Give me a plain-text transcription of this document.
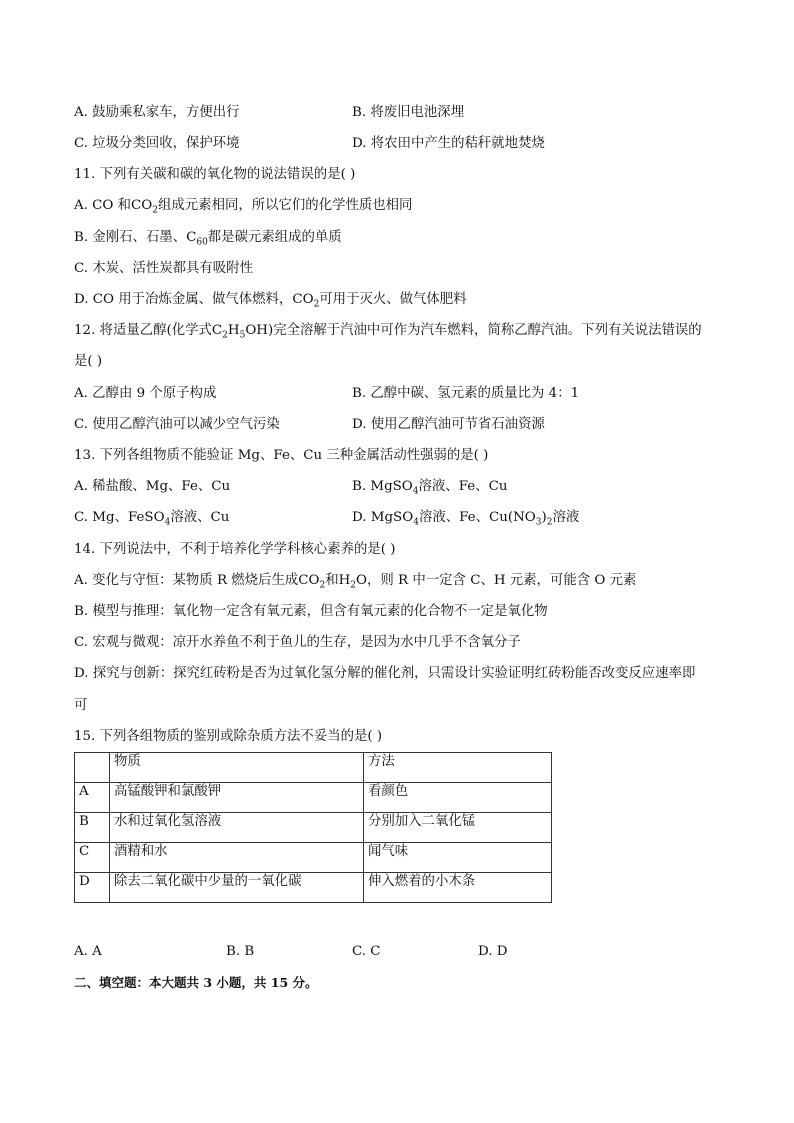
A. 鼓励乘私家车，方便出行	B. 将废旧电池深埋
C. 垃圾分类回收，保护环境	D. 将农田中产生的秸秆就地焚烧
11. 下列有关碳和碳的氧化物的说法错误的是( )
A. CO 和$CO_2$组成元素相同，所以它们的化学性质也相同
B. 金刚石、石墨、$C_{60}$都是碳元素组成的单质
C. 木炭、活性炭都具有吸附性
D. CO 用于冶炼金属、做气体燃料，$CO_2$可用于灭火、做气体肥料
12. 将适量乙醇(化学式$C_2H_5OH$)完全溶解于汽油中可作为汽车燃料，简称乙醇汽油。下列有关说法错误的
是( )
A. 乙醇由 9 个原子构成	B. 乙醇中碳、氢元素的质量比为 4：1
C. 使用乙醇汽油可以减少空气污染	D. 使用乙醇汽油可节省石油资源
13. 下列各组物质不能验证 Mg、Fe、Cu 三种金属活动性强弱的是( )
A. 稀盐酸、Mg、Fe、Cu	B. MgSO$_4$溶液、Fe、Cu
C. Mg、FeSO$_4$溶液、Cu	D. MgSO$_4$溶液、Fe、$Cu(NO_3)_2$溶液
14. 下列说法中，不利于培养化学学科核心素养的是( )
A. 变化与守恒：某物质 R 燃烧后生成$CO_2$和$H_2O$，则 R 中一定含 C、H 元素，可能含 O 元素
B. 模型与推理：氧化物一定含有氧元素，但含有氧元素的化合物不一定是氧化物
C. 宏观与微观：凉开水养鱼不利于鱼儿的生存，是因为水中几乎不含氧分子
D. 探究与创新：探究红砖粉是否为过氧化氢分解的催化剂，只需设计实验证明红砖粉能否改变反应速率即
可
15. 下列各组物质的鉴别或除杂质方法不妥当的是( )
	物质	方法
A	高锰酸钾和氯酸钾	看颜色
B	水和过氧化氢溶液	分别加入二氧化锰
C	酒精和水	闻气味
D	除去二氧化碳中少量的一氧化碳	伸入燃着的小木条
A. A	B. B	C. C	D. D
二、填空题：本大题共 3 小题，共 15 分。
